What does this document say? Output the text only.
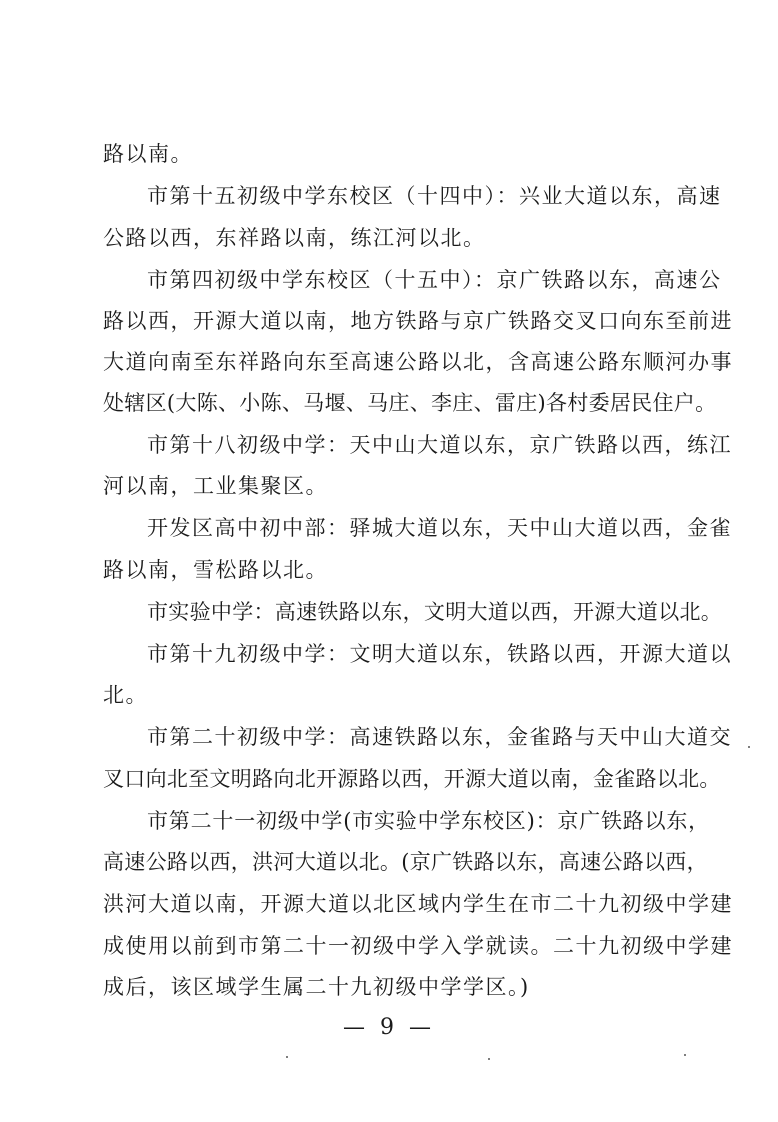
路以南。
市第十五初级中学东校区（十四中）：兴业大道以东，高速
公路以西，东祥路以南，练江河以北。
市第四初级中学东校区（十五中）：京广铁路以东，高速公
路以西，开源大道以南，地方铁路与京广铁路交叉口向东至前进
大道向南至东祥路向东至高速公路以北，含高速公路东顺河办事
处辖区(大陈、小陈、马堰、马庄、李庄、雷庄)各村委居民住户。
市第十八初级中学：天中山大道以东，京广铁路以西，练江
河以南，工业集聚区。
开发区高中初中部：驿城大道以东，天中山大道以西，金雀
路以南，雪松路以北。
市实验中学：高速铁路以东，文明大道以西，开源大道以北。
市第十九初级中学：文明大道以东，铁路以西，开源大道以
北。
市第二十初级中学：高速铁路以东，金雀路与天中山大道交
叉口向北至文明路向北开源路以西，开源大道以南，金雀路以北。
市第二十一初级中学(市实验中学东校区)：京广铁路以东，
高速公路以西，洪河大道以北。(京广铁路以东，高速公路以西，
洪河大道以南，开源大道以北区域内学生在市二十九初级中学建
成使用以前到市第二十一初级中学入学就读。二十九初级中学建
成后，该区域学生属二十九初级中学学区。)
— 9 —
